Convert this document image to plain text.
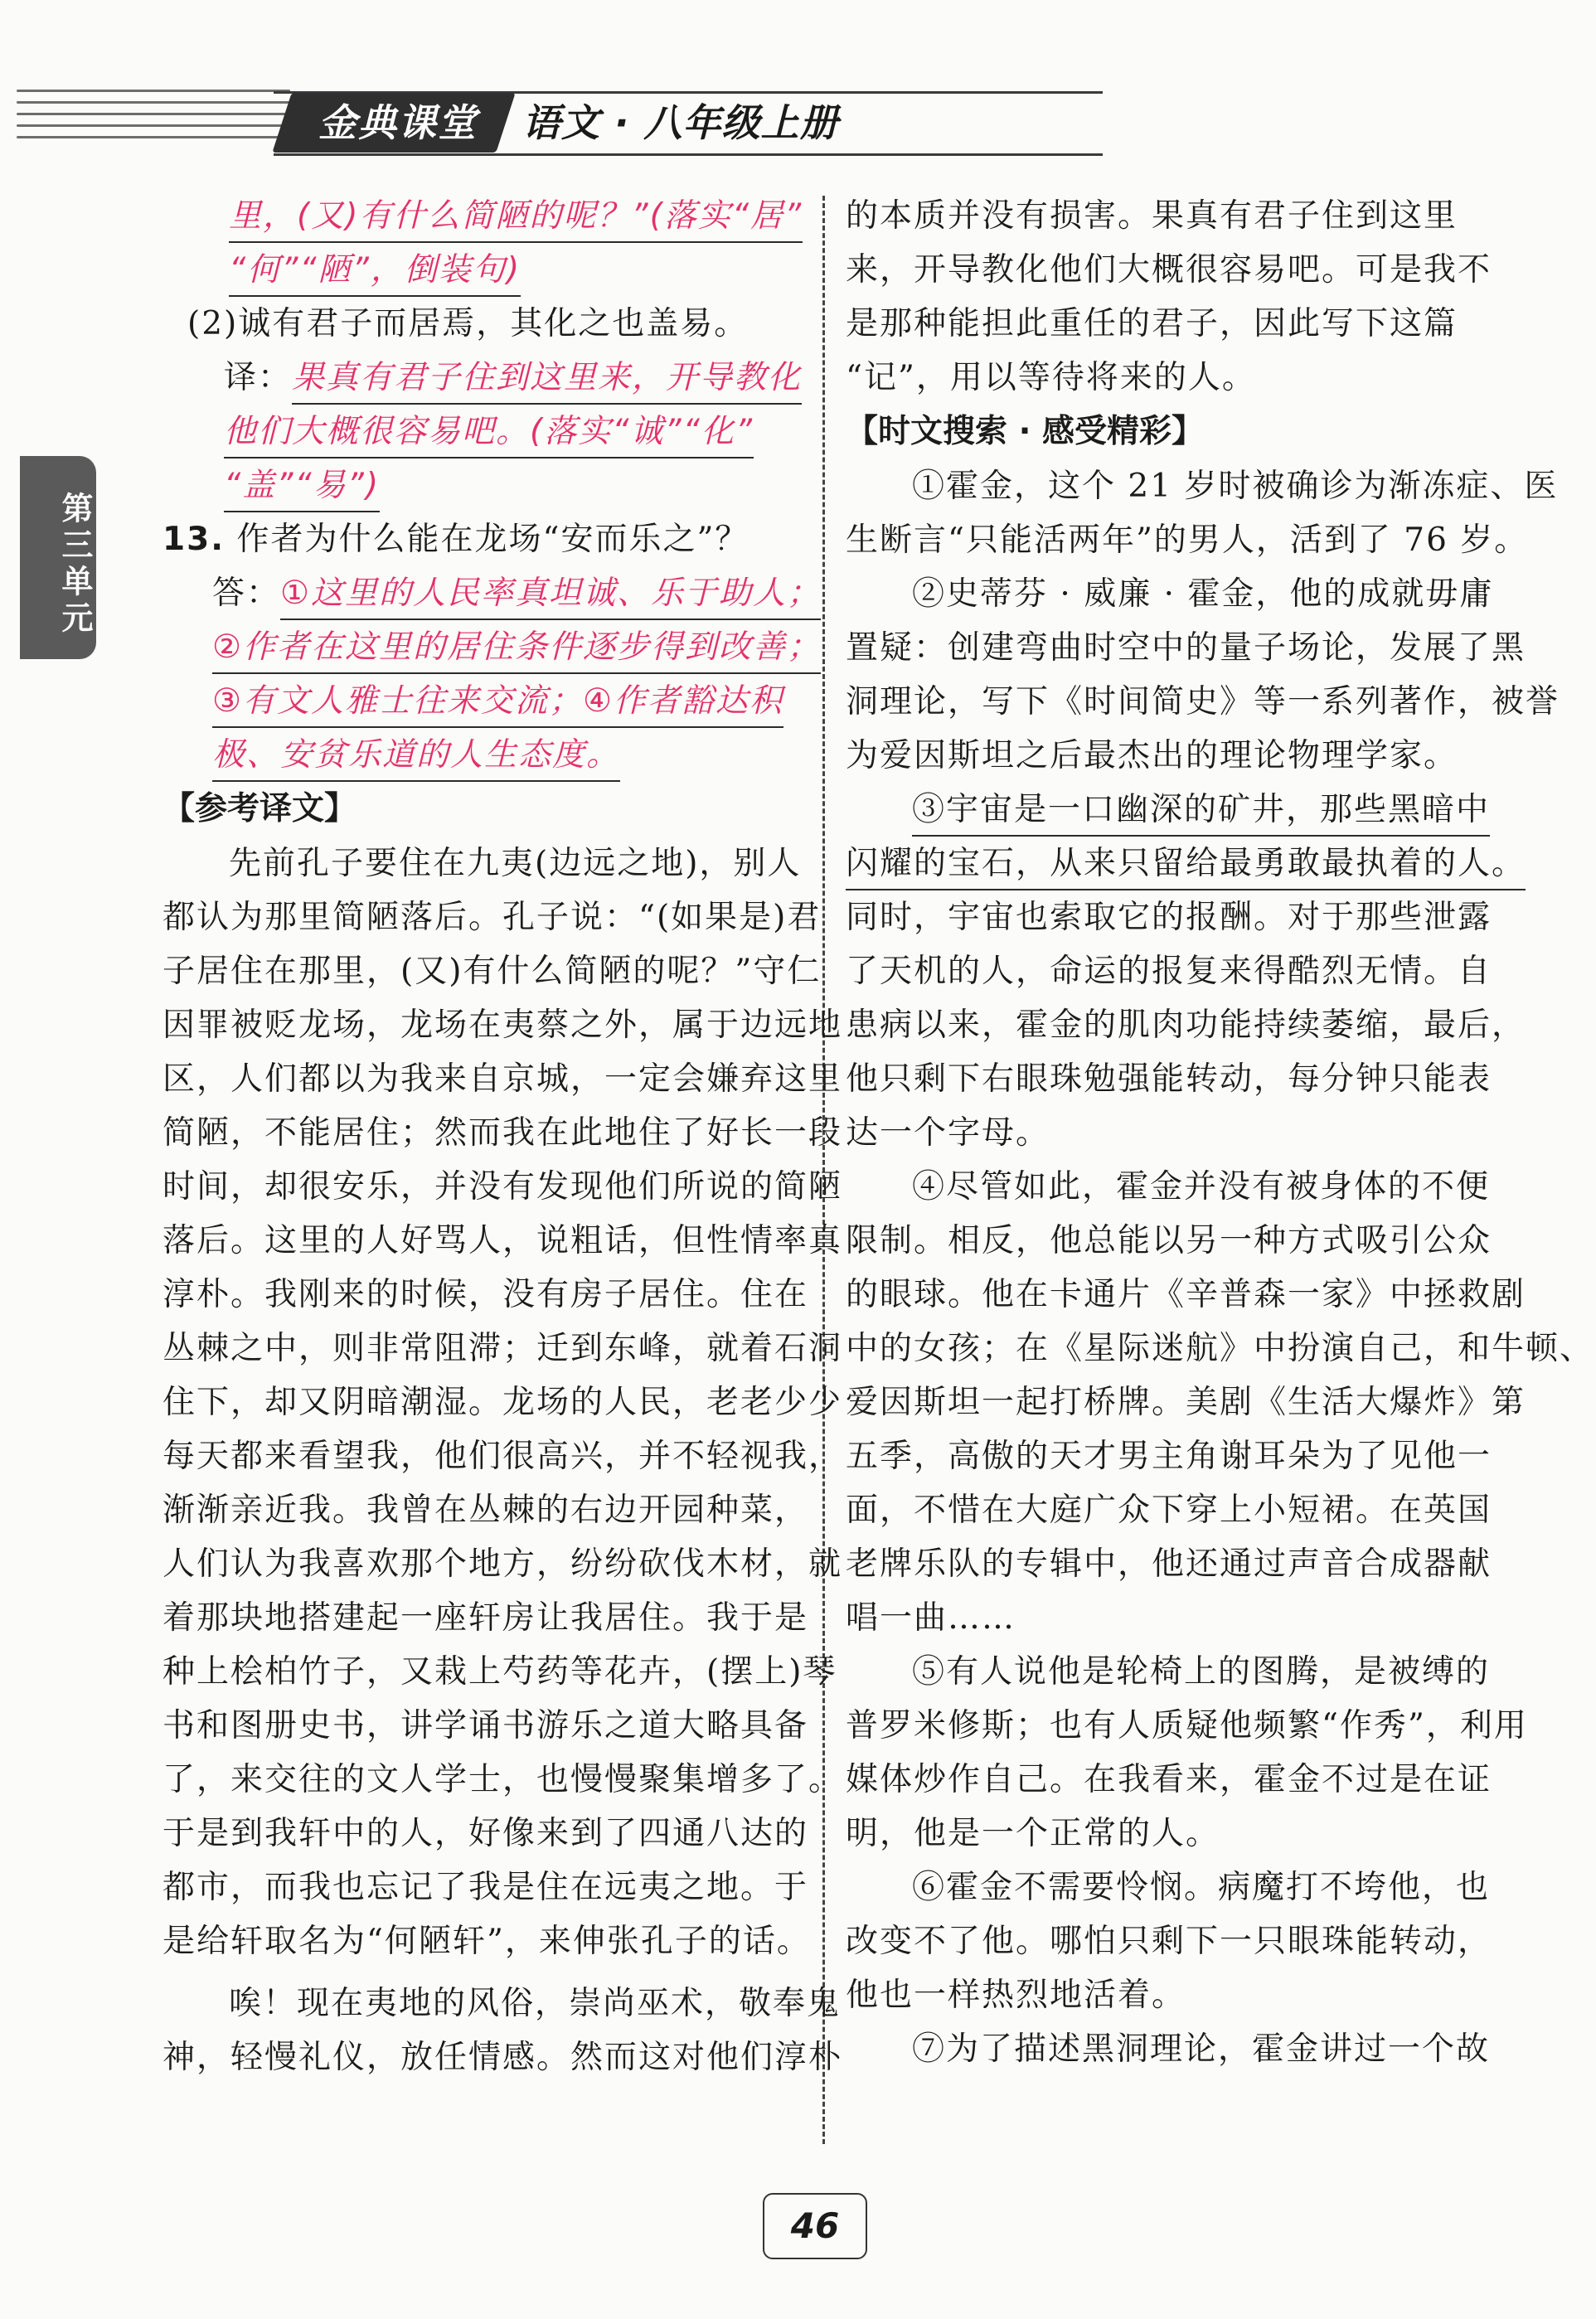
金典课堂	语文 · 八年级上册
第三单元

里，(又)有什么简陋的呢？”(落实“居”

“何”“陋”，倒装句)

(2)诚有君子而居焉，其化之也盖易。

译：果真有君子住到这里来，开导教化

他们大概很容易吧。(落实“诚”“化”

“盖”“易”)

13. 作者为什么能在龙场“安而乐之”？

答：①这里的人民率真坦诚、乐于助人；

②作者在这里的居住条件逐步得到改善；

③有文人雅士往来交流；④作者豁达积

极、安贫乐道的人生态度。

【参考译文】

先前孔子要住在九夷(边远之地)，别人

都认为那里简陋落后。孔子说：“(如果是)君

子居住在那里，(又)有什么简陋的呢？”守仁

因罪被贬龙场，龙场在夷蔡之外，属于边远地

区，人们都以为我来自京城，一定会嫌弃这里

简陋，不能居住；然而我在此地住了好长一段

时间，却很安乐，并没有发现他们所说的简陋

落后。这里的人好骂人，说粗话，但性情率真

淳朴。我刚来的时候，没有房子居住。住在

丛棘之中，则非常阻滞；迁到东峰，就着石洞

住下，却又阴暗潮湿。龙场的人民，老老少少

每天都来看望我，他们很高兴，并不轻视我，

渐渐亲近我。我曾在丛棘的右边开园种菜，

人们认为我喜欢那个地方，纷纷砍伐木材，就

着那块地搭建起一座轩房让我居住。我于是

种上桧柏竹子，又栽上芍药等花卉，(摆上)琴

书和图册史书，讲学诵书游乐之道大略具备

了，来交往的文人学士，也慢慢聚集增多了。

于是到我轩中的人，好像来到了四通八达的

都市，而我也忘记了我是住在远夷之地。于

是给轩取名为“何陋轩”，来伸张孔子的话。

唉！现在夷地的风俗，崇尚巫术，敬奉鬼

神，轻慢礼仪，放任情感。然而这对他们淳朴

的本质并没有损害。果真有君子住到这里

来，开导教化他们大概很容易吧。可是我不

是那种能担此重任的君子，因此写下这篇

“记”，用以等待将来的人。

【时文搜索 · 感受精彩】

①霍金，这个 21 岁时被确诊为渐冻症、医

生断言“只能活两年”的男人，活到了 76 岁。

②史蒂芬 · 威廉 · 霍金，他的成就毋庸

置疑：创建弯曲时空中的量子场论，发展了黑

洞理论，写下《时间简史》等一系列著作，被誉

为爱因斯坦之后最杰出的理论物理学家。

③宇宙是一口幽深的矿井，那些黑暗中

闪耀的宝石，从来只留给最勇敢最执着的人。

同时，宇宙也索取它的报酬。对于那些泄露

了天机的人，命运的报复来得酷烈无情。自

患病以来，霍金的肌肉功能持续萎缩，最后，

他只剩下右眼珠勉强能转动，每分钟只能表

达一个字母。

④尽管如此，霍金并没有被身体的不便

限制。相反，他总能以另一种方式吸引公众

的眼球。他在卡通片《辛普森一家》中拯救剧

中的女孩；在《星际迷航》中扮演自己，和牛顿、

爱因斯坦一起打桥牌。美剧《生活大爆炸》第

五季，高傲的天才男主角谢耳朵为了见他一

面，不惜在大庭广众下穿上小短裙。在英国

老牌乐队的专辑中，他还通过声音合成器献

唱一曲……

⑤有人说他是轮椅上的图腾，是被缚的

普罗米修斯；也有人质疑他频繁“作秀”，利用

媒体炒作自己。在我看来，霍金不过是在证

明，他是一个正常的人。

⑥霍金不需要怜悯。病魔打不垮他，也

改变不了他。哪怕只剩下一只眼珠能转动，

他也一样热烈地活着。

⑦为了描述黑洞理论，霍金讲过一个故

46
